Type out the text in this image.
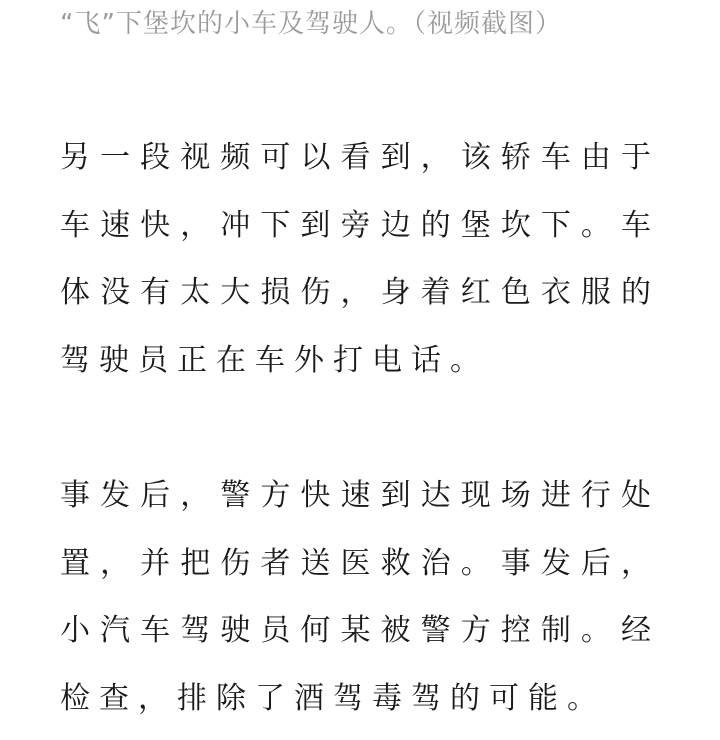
“飞”下堡坎的小车及驾驶人。（视频截图）

另一段视频可以看到，该轿车由于车速快，冲下到旁边的堡坎下。车体没有太大损伤，身着红色衣服的驾驶员正在车外打电话。

事发后，警方快速到达现场进行处置，并把伤者送医救治。事发后，小汽车驾驶员何某被警方控制。经检查，排除了酒驾毒驾的可能。
